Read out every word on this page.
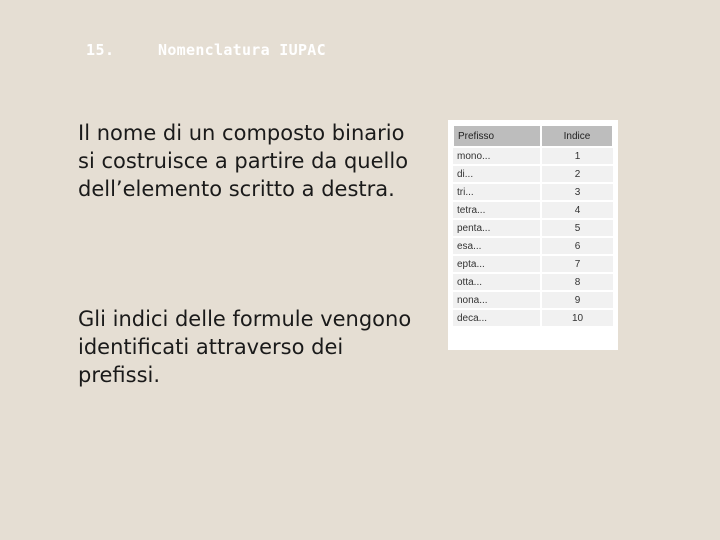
15.	Nomenclatura IUPAC

Il nome di un composto binario si costruisce a partire da quello dell’elemento scritto a destra.

Gli indici delle formule vengono identificati attraverso dei prefissi.

Prefisso	Indice
mono...	1
di...	2
tri...	3
tetra...	4
penta...	5
esa...	6
epta...	7
otta...	8
nona...	9
deca...	10
